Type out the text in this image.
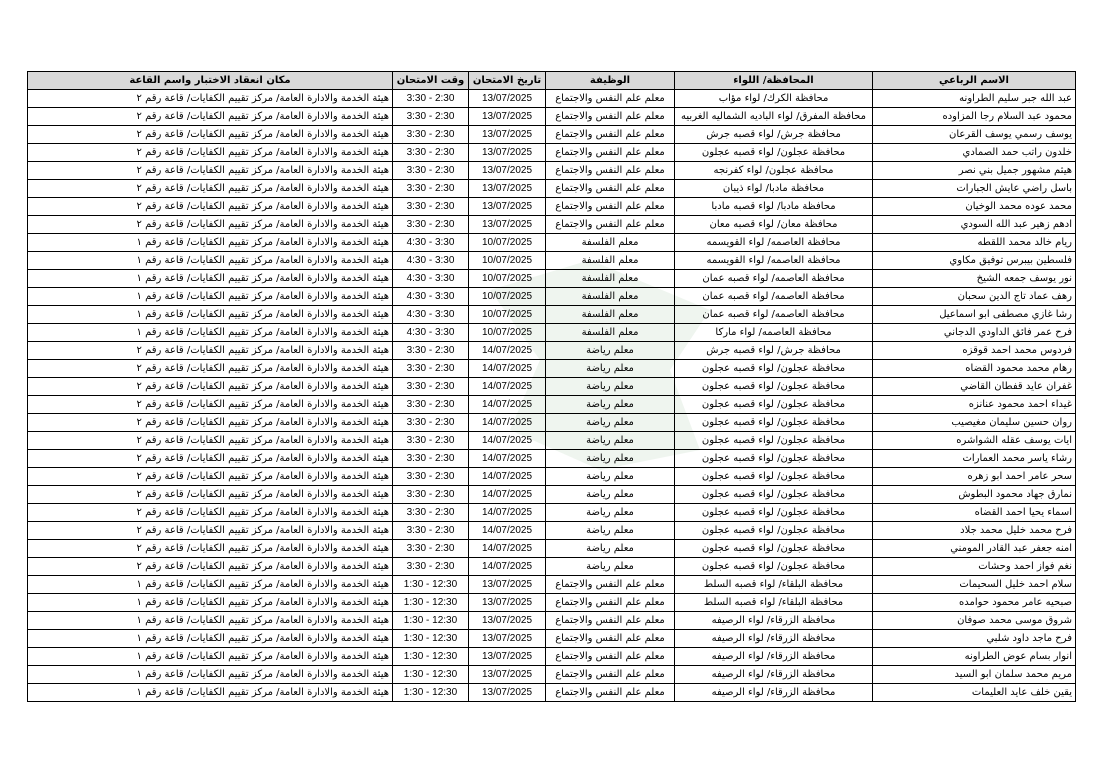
الاسم الرباعي	المحافظة/ اللواء	الوظيفة	تاريخ الامتحان	وقت الامتحان	مكان انعقاد الاختبار واسم القاعة
عبد الله جبر سليم الطراونه	محافظة الكرك/ لواء مؤاب	معلم علم النفس والاجتماع	13/07/2025	2:30 - 3:30	هيئة الخدمة والادارة العامة/ مركز تقييم الكفايات/ قاعة رقم ٢
محمود عبد السلام رجا المزاوده	محافظة المفرق/ لواء الباديه الشماليه الغربيه	معلم علم النفس والاجتماع	13/07/2025	2:30 - 3:30	هيئة الخدمة والادارة العامة/ مركز تقييم الكفايات/ قاعة رقم ٢
يوسف رسمي يوسف القرعان	محافظة جرش/ لواء قصبه جرش	معلم علم النفس والاجتماع	13/07/2025	2:30 - 3:30	هيئة الخدمة والادارة العامة/ مركز تقييم الكفايات/ قاعة رقم ٢
خلدون راتب حمد الصمادي	محافظة عجلون/ لواء قصبه عجلون	معلم علم النفس والاجتماع	13/07/2025	2:30 - 3:30	هيئة الخدمة والادارة العامة/ مركز تقييم الكفايات/ قاعة رقم ٢
هيثم مشهور جميل بني نصر	محافظة عجلون/ لواء كفرنجه	معلم علم النفس والاجتماع	13/07/2025	2:30 - 3:30	هيئة الخدمة والادارة العامة/ مركز تقييم الكفايات/ قاعة رقم ٢
باسل راضي عايش الجبارات	محافظة مادبا/ لواء ذيبان	معلم علم النفس والاجتماع	13/07/2025	2:30 - 3:30	هيئة الخدمة والادارة العامة/ مركز تقييم الكفايات/ قاعة رقم ٢
محمد عوده محمد الوخيان	محافظة مادبا/ لواء قصبه مادبا	معلم علم النفس والاجتماع	13/07/2025	2:30 - 3:30	هيئة الخدمة والادارة العامة/ مركز تقييم الكفايات/ قاعة رقم ٢
ادهم زهير عبد الله السودي	محافظة معان/ لواء قصبه معان	معلم علم النفس والاجتماع	13/07/2025	2:30 - 3:30	هيئة الخدمة والادارة العامة/ مركز تقييم الكفايات/ قاعة رقم ٢
ريام خالد محمد اللقطه	محافظة العاصمه/ لواء القويسمه	معلم الفلسفة	10/07/2025	3:30 - 4:30	هيئة الخدمة والادارة العامة/ مركز تقييم الكفايات/ قاعة رقم ١
فلسطين بيبرس توفيق مكاوي	محافظة العاصمه/ لواء القويسمه	معلم الفلسفة	10/07/2025	3:30 - 4:30	هيئة الخدمة والادارة العامة/ مركز تقييم الكفايات/ قاعة رقم ١
نور يوسف جمعه الشيخ	محافظة العاصمه/ لواء قصبه عمان	معلم الفلسفة	10/07/2025	3:30 - 4:30	هيئة الخدمة والادارة العامة/ مركز تقييم الكفايات/ قاعة رقم ١
رهف عماد تاج الدين سحبان	محافظة العاصمه/ لواء قصبه عمان	معلم الفلسفة	10/07/2025	3:30 - 4:30	هيئة الخدمة والادارة العامة/ مركز تقييم الكفايات/ قاعة رقم ١
رشا غازي مصطفى ابو اسماعيل	محافظة العاصمه/ لواء قصبه عمان	معلم الفلسفة	10/07/2025	3:30 - 4:30	هيئة الخدمة والادارة العامة/ مركز تقييم الكفايات/ قاعة رقم ١
فرح عمر فائق الداودي الدجاني	محافظة العاصمه/ لواء ماركا	معلم الفلسفة	10/07/2025	3:30 - 4:30	هيئة الخدمة والادارة العامة/ مركز تقييم الكفايات/ قاعة رقم ١
فردوس محمد احمد قوقزه	محافظة جرش/ لواء قصبه جرش	معلم رياضة	14/07/2025	2:30 - 3:30	هيئة الخدمة والادارة العامة/ مركز تقييم الكفايات/ قاعة رقم ٢
رهام محمد محمود القضاه	محافظة عجلون/ لواء قصبه عجلون	معلم رياضة	14/07/2025	2:30 - 3:30	هيئة الخدمة والادارة العامة/ مركز تقييم الكفايات/ قاعة رقم ٢
غفران عايد قفطان القاضي	محافظة عجلون/ لواء قصبه عجلون	معلم رياضة	14/07/2025	2:30 - 3:30	هيئة الخدمة والادارة العامة/ مركز تقييم الكفايات/ قاعة رقم ٢
غيداء احمد محمود عنانزه	محافظة عجلون/ لواء قصبه عجلون	معلم رياضة	14/07/2025	2:30 - 3:30	هيئة الخدمة والادارة العامة/ مركز تقييم الكفايات/ قاعة رقم ٢
روان حسين سليمان مغيصيب	محافظة عجلون/ لواء قصبه عجلون	معلم رياضة	14/07/2025	2:30 - 3:30	هيئة الخدمة والادارة العامة/ مركز تقييم الكفايات/ قاعة رقم ٢
ايات يوسف عقله الشواشره	محافظة عجلون/ لواء قصبه عجلون	معلم رياضة	14/07/2025	2:30 - 3:30	هيئة الخدمة والادارة العامة/ مركز تقييم الكفايات/ قاعة رقم ٢
رشاء ياسر محمد العمارات	محافظة عجلون/ لواء قصبه عجلون	معلم رياضة	14/07/2025	2:30 - 3:30	هيئة الخدمة والادارة العامة/ مركز تقييم الكفايات/ قاعة رقم ٢
سحر عامر احمد ابو زهره	محافظة عجلون/ لواء قصبه عجلون	معلم رياضة	14/07/2025	2:30 - 3:30	هيئة الخدمة والادارة العامة/ مركز تقييم الكفايات/ قاعة رقم ٢
نمارق جهاد محمود البطوش	محافظة عجلون/ لواء قصبه عجلون	معلم رياضة	14/07/2025	2:30 - 3:30	هيئة الخدمة والادارة العامة/ مركز تقييم الكفايات/ قاعة رقم ٢
اسماء يحيا احمد القضاه	محافظة عجلون/ لواء قصبه عجلون	معلم رياضة	14/07/2025	2:30 - 3:30	هيئة الخدمة والادارة العامة/ مركز تقييم الكفايات/ قاعة رقم ٢
فرح محمد خليل محمد جلاد	محافظة عجلون/ لواء قصبه عجلون	معلم رياضة	14/07/2025	2:30 - 3:30	هيئة الخدمة والادارة العامة/ مركز تقييم الكفايات/ قاعة رقم ٢
امنه جعفر عبد القادر المومني	محافظة عجلون/ لواء قصبه عجلون	معلم رياضة	14/07/2025	2:30 - 3:30	هيئة الخدمة والادارة العامة/ مركز تقييم الكفايات/ قاعة رقم ٢
نغم فواز احمد وحشات	محافظة عجلون/ لواء قصبه عجلون	معلم رياضة	14/07/2025	2:30 - 3:30	هيئة الخدمة والادارة العامة/ مركز تقييم الكفايات/ قاعة رقم ٢
سلام احمد خليل السحيمات	محافظة البلقاء/ لواء قصبه السلط	معلم علم النفس والاجتماع	13/07/2025	12:30 - 1:30	هيئة الخدمة والادارة العامة/ مركز تقييم الكفايات/ قاعة رقم ١
صبحيه عامر محمود حوامده	محافظة البلقاء/ لواء قصبه السلط	معلم علم النفس والاجتماع	13/07/2025	12:30 - 1:30	هيئة الخدمة والادارة العامة/ مركز تقييم الكفايات/ قاعة رقم ١
شروق موسى محمد صوفان	محافظة الزرقاء/ لواء الرصيفه	معلم علم النفس والاجتماع	13/07/2025	12:30 - 1:30	هيئة الخدمة والادارة العامة/ مركز تقييم الكفايات/ قاعة رقم ١
فرح ماجد داود شلبي	محافظة الزرقاء/ لواء الرصيفه	معلم علم النفس والاجتماع	13/07/2025	12:30 - 1:30	هيئة الخدمة والادارة العامة/ مركز تقييم الكفايات/ قاعة رقم ١
انوار بسام عوض الطراونه	محافظة الزرقاء/ لواء الرصيفه	معلم علم النفس والاجتماع	13/07/2025	12:30 - 1:30	هيئة الخدمة والادارة العامة/ مركز تقييم الكفايات/ قاعة رقم ١
مريم محمد سلمان ابو السيد	محافظة الزرقاء/ لواء الرصيفه	معلم علم النفس والاجتماع	13/07/2025	12:30 - 1:30	هيئة الخدمة والادارة العامة/ مركز تقييم الكفايات/ قاعة رقم ١
يقين خلف عايد العليمات	محافظة الزرقاء/ لواء الرصيفه	معلم علم النفس والاجتماع	13/07/2025	12:30 - 1:30	هيئة الخدمة والادارة العامة/ مركز تقييم الكفايات/ قاعة رقم ١
